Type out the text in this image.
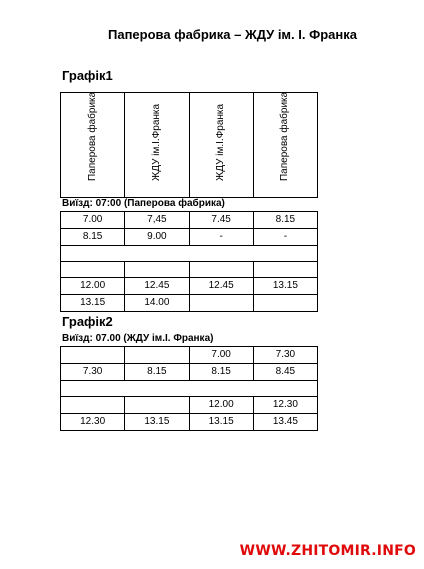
Паперова фабрика – ЖДУ ім. І. Франка
Графік1
Паперова фабрика	ЖДУ ім.І.Франка	ЖДУ ім.І.Франка	Паперова фабрика
Виїзд: 07:00 (Паперова фабрика)
7.00	7,45	7.45	8.15
8.15	9.00	-	-

12.00	12.45	12.45	13.15
13.15	14.00		
Графік2
Виїзд: 07.00 (ЖДУ ім.І. Франка)
		7.00	7.30
7.30	8.15	8.15	8.45

		12.00	12.30
12.30	13.15	13.15	13.45
WWW.ZHITOMIR.INFO
